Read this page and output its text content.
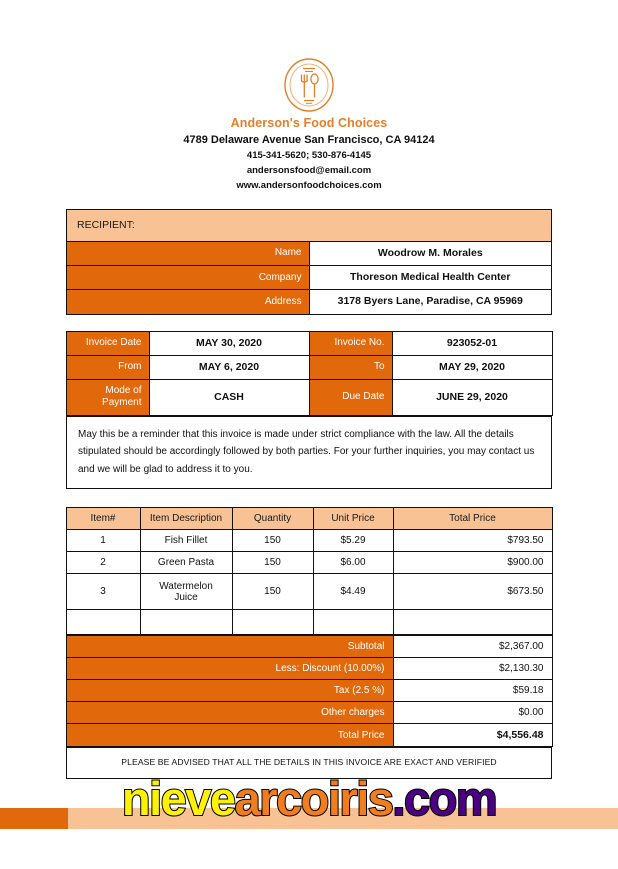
Anderson's Food Choices
4789 Delaware Avenue San Francisco, CA 94124
415-341-5620; 530-876-4145
andersonsfood@email.com
www.andersonfoodchoices.com
RECIPIENT:	

Name	Woodrow M. Morales

Company	Thoreson Medical Health Center

Address	3178 Byers Lane, Paradise, CA 95969
Invoice Date	MAY 30, 2020	Invoice No.	923052-01

From	MAY 6, 2020	To	MAY 29, 2020

Mode of Payment	CASH	Due Date	JUNE 29, 2020
May this be a reminder that this invoice is made under strict compliance with the law. All the details stipulated should be accordingly followed by both parties. For your further inquiries, you may contact us and we will be glad to address it to you.
Item#	Item Description	Quantity	Unit Price	Total Price
1	Fish Fillet	150	$5.29	$793.50
2	Green Pasta	150	$6.00	$900.00
3	Watermelon Juice	150	$4.49	$673.50

Subtotal	$2,367.00
Less: Discount (10.00%)	$2,130.30
Tax (2.5 %)	$59.18
Other charges	$0.00
Total Price	$4,556.48
PLEASE BE ADVISED THAT ALL THE DETAILS IN THIS INVOICE ARE EXACT AND VERIFIED
nievearcoiris.com
